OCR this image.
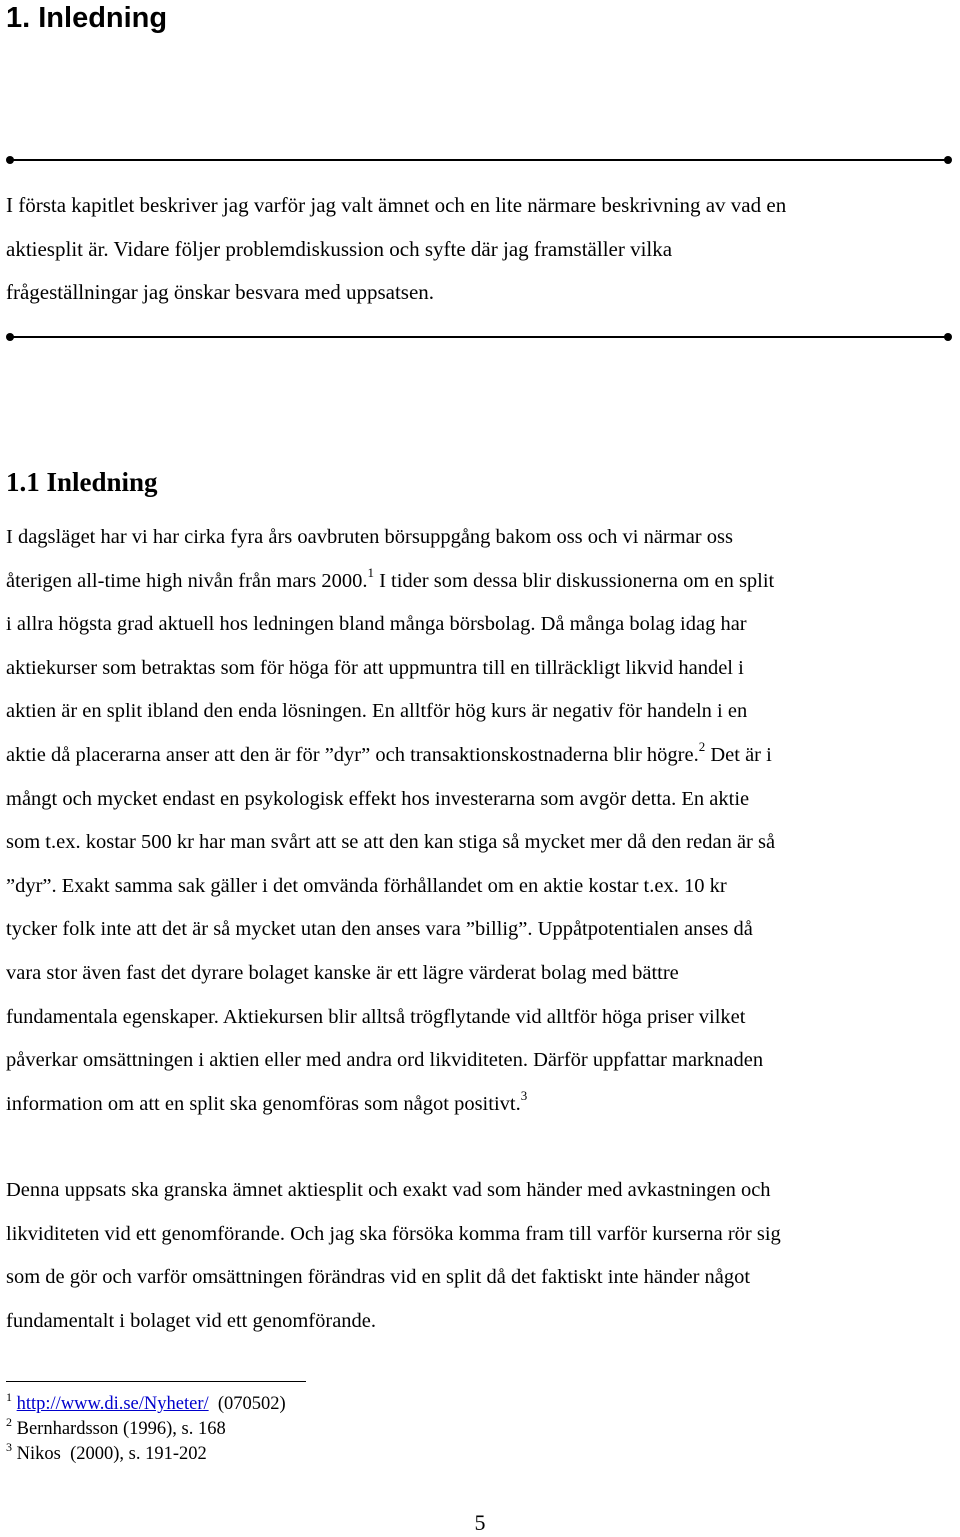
1. Inledning
I första kapitlet beskriver jag varför jag valt ämnet och en lite närmare beskrivning av vad en
aktiesplit är. Vidare följer problemdiskussion och syfte där jag framställer vilka
frågeställningar jag önskar besvara med uppsatsen.
1.1 Inledning
I dagsläget har vi har cirka fyra års oavbruten börsuppgång bakom oss och vi närmar oss
återigen all-time high nivån från mars 2000.$^1$ I tider som dessa blir diskussionerna om en split
i allra högsta grad aktuell hos ledningen bland många börsbolag. Då många bolag idag har
aktiekurser som betraktas som för höga för att uppmuntra till en tillräckligt likvid handel i
aktien är en split ibland den enda lösningen. En alltför hög kurs är negativ för handeln i en
aktie då placerarna anser att den är för ”dyr” och transaktionskostnaderna blir högre.$^2$ Det är i
mångt och mycket endast en psykologisk effekt hos investerarna som avgör detta. En aktie
som t.ex. kostar 500 kr har man svårt att se att den kan stiga så mycket mer då den redan är så
”dyr”. Exakt samma sak gäller i det omvända förhållandet om en aktie kostar t.ex. 10 kr
tycker folk inte att det är så mycket utan den anses vara ”billig”. Uppåtpotentialen anses då
vara stor även fast det dyrare bolaget kanske är ett lägre värderat bolag med bättre
fundamentala egenskaper. Aktiekursen blir alltså trögflytande vid alltför höga priser vilket
påverkar omsättningen i aktien eller med andra ord likviditeten. Därför uppfattar marknaden
information om att en split ska genomföras som något positivt.$^3$
Denna uppsats ska granska ämnet aktiesplit och exakt vad som händer med avkastningen och
likviditeten vid ett genomförande. Och jag ska försöka komma fram till varför kurserna rör sig
som de gör och varför omsättningen förändras vid en split då det faktiskt inte händer något
fundamentalt i bolaget vid ett genomförande.
$^1$ http://www.di.se/Nyheter/  (070502)
$^2$ Bernhardsson (1996), s. 168
$^3$ Nikos  (2000), s. 191-202
5
